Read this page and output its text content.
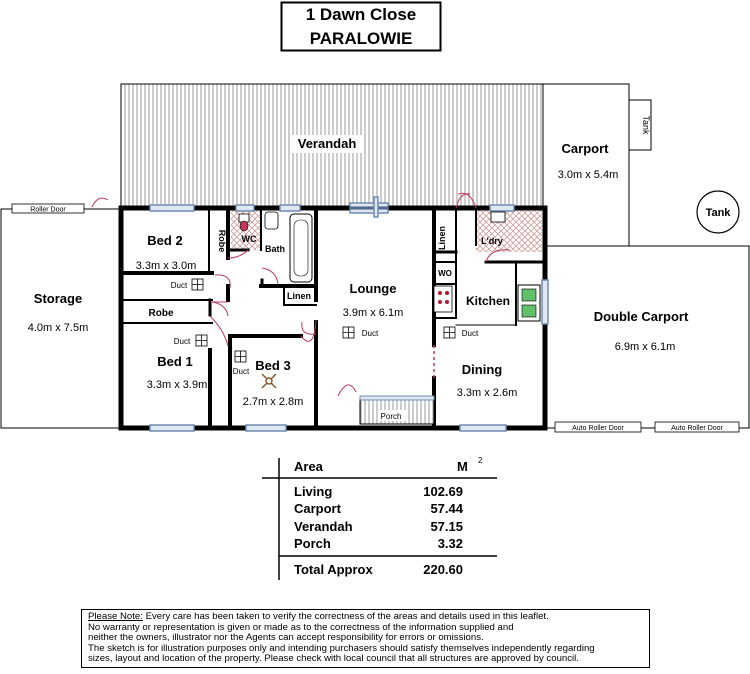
1 Dawn Close
PARALOWIE
Verandah	Carport
3.0m x 5.4m
Tank
Tank
Roller Door
Storage
4.0m x 7.5m
Double Carport
6.9m x 6.1m
Auto Roller Door	Auto Roller Door
Porch
Bed 2
3.3m x 3.0m
Robe WC
Bath
Linen
Duct
Robe
Duct
Bed 1
3.3m x 3.9m
Bed 3
Duct
2.7m x 2.8m
Lounge
3.9m x 6.1m
Duct
Linen	L'dry
WO
Kitchen
Duct
Dining
3.3m x 2.6m
Area	M 2
Living	102.69
Carport	57.44
Verandah	57.15
Porch	3.32
Total Approx	220.60
Please Note: Every care has been taken to verify the correctness of the areas and details used in this leaflet.
No warranty or representation is given or made as to the correctness of the information supplied and
neither the owners, illustrator nor the Agents can accept responsibility for errors or omissions.
The sketch is for illustration purposes only and intending purchasers should satisfy themselves independently regarding
sizes, layout and location of the property. Please check with local council that all structures are approved by council.
